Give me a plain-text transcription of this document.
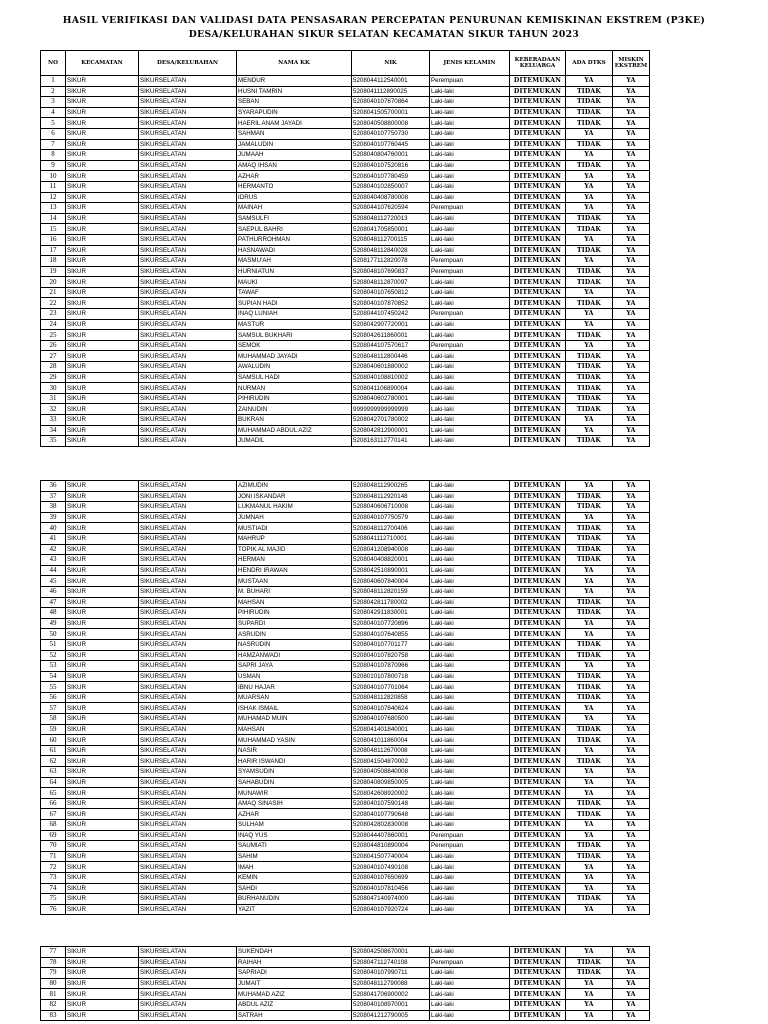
HASIL VERIFIKASI DAN VALIDASI DATA PENSASARAN PERCEPATAN PENURUNAN KEMISKINAN EKSTREM (P3KE)
DESA/KELURAHAN SIKUR SELATAN KECAMATAN SIKUR TAHUN 2023
NO	KECAMATAN	DESA/KELURAHAN	NAMA KK	NIK	JENIS KELAMIN	KEBERADAAN KELUARGA	ADA DTKS	MISKIN EKSTREM
1	SIKUR	SIKURSELATAN	MENDUR	5208044112540001	Perempuan	DITEMUKAN	YA	YA
2	SIKUR	SIKURSELATAN	HUSNI TAMRIN	5208041112890025	Laki-laki	DITEMUKAN	TIDAK	YA
3	SIKUR	SIKURSELATAN	SEBAN	5208040107670864	Laki-laki	DITEMUKAN	TIDAK	YA
4	SIKUR	SIKURSELATAN	SYARAPUDIN	5208041505700001	Laki-laki	DITEMUKAN	TIDAK	YA
5	SIKUR	SIKURSELATAN	HAERIL ANAM JAYADI	5208040508800008	Laki-laki	DITEMUKAN	TIDAK	YA
6	SIKUR	SIKURSELATAN	SAHMAN	5208040107750730	Laki-laki	DITEMUKAN	YA	YA
7	SIKUR	SIKURSELATAN	JAMALUDIN	5208040107760445	Laki-laki	DITEMUKAN	TIDAK	YA
8	SIKUR	SIKURSELATAN	JUMAAH	5208040804760001	Laki-laki	DITEMUKAN	YA	YA
9	SIKUR	SIKURSELATAN	AMAQ IHSAN	5208040107520816	Laki-laki	DITEMUKAN	TIDAK	YA
10	SIKUR	SIKURSELATAN	AZHAR	5208040107780459	Laki-laki	DITEMUKAN	YA	YA
11	SIKUR	SIKURSELATAN	HERMANTO	5208040102850007	Laki-laki	DITEMUKAN	YA	YA
12	SIKUR	SIKURSELATAN	IDRUS	5208040408780008	Laki-laki	DITEMUKAN	YA	YA
13	SIKUR	SIKURSELATAN	MAINAH	5208044107620594	Perempuan	DITEMUKAN	YA	YA
14	SIKUR	SIKURSELATAN	SAMSULFI	5208048112720013	Laki-laki	DITEMUKAN	TIDAK	YA
15	SIKUR	SIKURSELATAN	SAEPUL BAHRI	5208041705850001	Laki-laki	DITEMUKAN	TIDAK	YA
16	SIKUR	SIKURSELATAN	PATHURROHMAN	5208048112700115	Laki-laki	DITEMUKAN	YA	YA
17	SIKUR	SIKURSELATAN	HASNAWADI	5208048112840028	Laki-laki	DITEMUKAN	TIDAK	YA
18	SIKUR	SIKURSELATAN	MASMU'AH	5208177112820078	Perempuan	DITEMUKAN	YA	YA
19	SIKUR	SIKURSELATAN	HURNIATUN	5208048107690837	Perempuan	DITEMUKAN	TIDAK	YA
20	SIKUR	SIKURSELATAN	MAUKI	5208048112870097	Laki-laki	DITEMUKAN	TIDAK	YA
21	SIKUR	SIKURSELATAN	TAWAF	5208040107650812	Laki-laki	DITEMUKAN	YA	YA
22	SIKUR	SIKURSELATAN	SUPIAN HADI	5208040107870852	Laki-laki	DITEMUKAN	TIDAK	YA
23	SIKUR	SIKURSELATAN	INAQ LUNIAH	5208044107450242	Perempuan	DITEMUKAN	YA	YA
24	SIKUR	SIKURSELATAN	MASTUR	5208042907720001	Laki-laki	DITEMUKAN	YA	YA
25	SIKUR	SIKURSELATAN	SAMSUL BUKHARI	5208042611860001	Laki-laki	DITEMUKAN	TIDAK	YA
26	SIKUR	SIKURSELATAN	SEMOK	5208044107570617	Perempuan	DITEMUKAN	YA	YA
27	SIKUR	SIKURSELATAN	MUHAMMAD JAYADI	5208048112800446	Laki-laki	DITEMUKAN	TIDAK	YA
28	SIKUR	SIKURSELATAN	AWALUDIN	5208040601880002	Laki-laki	DITEMUKAN	TIDAK	YA
29	SIKUR	SIKURSELATAN	SAMSUL HADI	5208040108810002	Laki-laki	DITEMUKAN	TIDAK	YA
30	SIKUR	SIKURSELATAN	NURMAN	5208041106890004	Laki-laki	DITEMUKAN	TIDAK	YA
31	SIKUR	SIKURSELATAN	PIHIRUDIN	5208040602780001	Laki-laki	DITEMUKAN	TIDAK	YA
32	SIKUR	SIKURSELATAN	ZAINUDIN	9999999999999999	Laki-laki	DITEMUKAN	TIDAK	YA
33	SIKUR	SIKURSELATAN	BUKRAN	5208042701780002	Laki-laki	DITEMUKAN	YA	YA
34	SIKUR	SIKURSELATAN	MUHAMMAD ABDUL AZIZ	5208042812900001	Laki-laki	DITEMUKAN	YA	YA
35	SIKUR	SIKURSELATAN	JUMADIL	5208163112770141	Laki-laki	DITEMUKAN	TIDAK	YA
36	SIKUR	SIKURSELATAN	AZIMUDIN	5208048112900265	Laki-laki	DITEMUKAN	YA	YA
37	SIKUR	SIKURSELATAN	JONI ISKANDAR	5208048112920148	Laki-laki	DITEMUKAN	TIDAK	YA
38	SIKUR	SIKURSELATAN	LUKMANUL HAKIM	5208040606710008	Laki-laki	DITEMUKAN	TIDAK	YA
39	SIKUR	SIKURSELATAN	JUMNAH	5208040107750579	Laki-laki	DITEMUKAN	YA	YA
40	SIKUR	SIKURSELATAN	MUSTIADI	5208048112700406	Laki-laki	DITEMUKAN	TIDAK	YA
41	SIKUR	SIKURSELATAN	MAHRUP	5208041112710001	Laki-laki	DITEMUKAN	TIDAK	YA
42	SIKUR	SIKURSELATAN	TOPIK AL MAJID	5208041208940008	Laki-laki	DITEMUKAN	TIDAK	YA
43	SIKUR	SIKURSELATAN	HERMAN	5208040408820001	Laki-laki	DITEMUKAN	TIDAK	YA
44	SIKUR	SIKURSELATAN	HENDRI IRAWAN	5208042510890001	Laki-laki	DITEMUKAN	YA	YA
45	SIKUR	SIKURSELATAN	MUSTAAN	5208040607840004	Laki-laki	DITEMUKAN	YA	YA
46	SIKUR	SIKURSELATAN	M. BUHARI	5208048112820159	Laki-laki	DITEMUKAN	YA	YA
47	SIKUR	SIKURSELATAN	MAHSAN	5208042811780002	Laki-laki	DITEMUKAN	TIDAK	YA
48	SIKUR	SIKURSELATAN	PIHIRUDIN	5208042911830001	Laki-laki	DITEMUKAN	TIDAK	YA
49	SIKUR	SIKURSELATAN	SUPARDI	5208040107720896	Laki-laki	DITEMUKAN	YA	YA
50	SIKUR	SIKURSELATAN	ASRUDIN	5208040107640855	Laki-laki	DITEMUKAN	YA	YA
51	SIKUR	SIKURSELATAN	NASRUDIN	5208040107701177	Laki-laki	DITEMUKAN	TIDAK	YA
52	SIKUR	SIKURSELATAN	HAMZANWADI	5208040107820758	Laki-laki	DITEMUKAN	TIDAK	YA
53	SIKUR	SIKURSELATAN	SAPRI JAYA	5208040107870966	Laki-laki	DITEMUKAN	YA	YA
54	SIKUR	SIKURSELATAN	USMAN	5208010107800718	Laki-laki	DITEMUKAN	TIDAK	YA
55	SIKUR	SIKURSELATAN	IBNU HAJAR	5208040107701064	Laki-laki	DITEMUKAN	TIDAK	YA
56	SIKUR	SIKURSELATAN	MUARSAN	5208048112820858	Laki-laki	DITEMUKAN	TIDAK	YA
57	SIKUR	SIKURSELATAN	ISHAK ISMAIL	5208040107840624	Laki-laki	DITEMUKAN	YA	YA
58	SIKUR	SIKURSELATAN	MUHAMAD MUIN	5208040107680500	Laki-laki	DITEMUKAN	YA	YA
59	SIKUR	SIKURSELATAN	MAHSAN	5208041401840001	Laki-laki	DITEMUKAN	TIDAK	YA
60	SIKUR	SIKURSELATAN	MUHAMMAD YASIN	5208041011860004	Laki-laki	DITEMUKAN	TIDAK	YA
61	SIKUR	SIKURSELATAN	NASIR	5208048112670008	Laki-laki	DITEMUKAN	YA	YA
62	SIKUR	SIKURSELATAN	HARIR ISWANDI	5208041504870002	Laki-laki	DITEMUKAN	TIDAK	YA
63	SIKUR	SIKURSELATAN	SYAMSUDIN	5208040508840008	Laki-laki	DITEMUKAN	YA	YA
64	SIKUR	SIKURSELATAN	SAHABUDIN	5208040809850005	Laki-laki	DITEMUKAN	YA	YA
65	SIKUR	SIKURSELATAN	MUNAWIR	5208042608920002	Laki-laki	DITEMUKAN	YA	YA
66	SIKUR	SIKURSELATAN	AMAQ SINASIH	5208040107590148	Laki-laki	DITEMUKAN	TIDAK	YA
67	SIKUR	SIKURSELATAN	AZHAR	5208040107790648	Laki-laki	DITEMUKAN	TIDAK	YA
68	SIKUR	SIKURSELATAN	SULHAM	5208042802830008	Laki-laki	DITEMUKAN	YA	YA
69	SIKUR	SIKURSELATAN	INAQ YUS	5208044407860001	Perempuan	DITEMUKAN	YA	YA
70	SIKUR	SIKURSELATAN	SAUMIATI	5208044810890004	Perempuan	DITEMUKAN	TIDAK	YA
71	SIKUR	SIKURSELATAN	SAHIM	5208041507740004	Laki-laki	DITEMUKAN	TIDAK	YA
72	SIKUR	SIKURSELATAN	IMAH	5208040107490108	Laki-laki	DITEMUKAN	YA	YA
73	SIKUR	SIKURSELATAN	KEMIN	5208040107650699	Laki-laki	DITEMUKAN	YA	YA
74	SIKUR	SIKURSELATAN	SAHDI	5208040107810456	Laki-laki	DITEMUKAN	YA	YA
75	SIKUR	SIKURSELATAN	BURHANUDIN	5208047140974000	Laki-laki	DITEMUKAN	TIDAK	YA
76	SIKUR	SIKURSELATAN	YAZIT	5208040107920724	Laki-laki	DITEMUKAN	YA	YA
77	SIKUR	SIKURSELATAN	SUKENDAH	5208042508670001	Laki-laki	DITEMUKAN	YA	YA
78	SIKUR	SIKURSELATAN	RAIHAH	5208047112740108	Perempuan	DITEMUKAN	TIDAK	YA
79	SIKUR	SIKURSELATAN	SAPRIADI	5208040107990711	Laki-laki	DITEMUKAN	TIDAK	YA
80	SIKUR	SIKURSELATAN	JUMAIT	5208048112790088	Laki-laki	DITEMUKAN	YA	YA
81	SIKUR	SIKURSELATAN	MUHAMAD AZIZ	5208041706900002	Laki-laki	DITEMUKAN	YA	YA
82	SIKUR	SIKURSELATAN	ABDUL AZIZ	5208040108970001	Laki-laki	DITEMUKAN	YA	YA
83	SIKUR	SIKURSELATAN	SATRAH	5208041212790005	Laki-laki	DITEMUKAN	YA	YA
